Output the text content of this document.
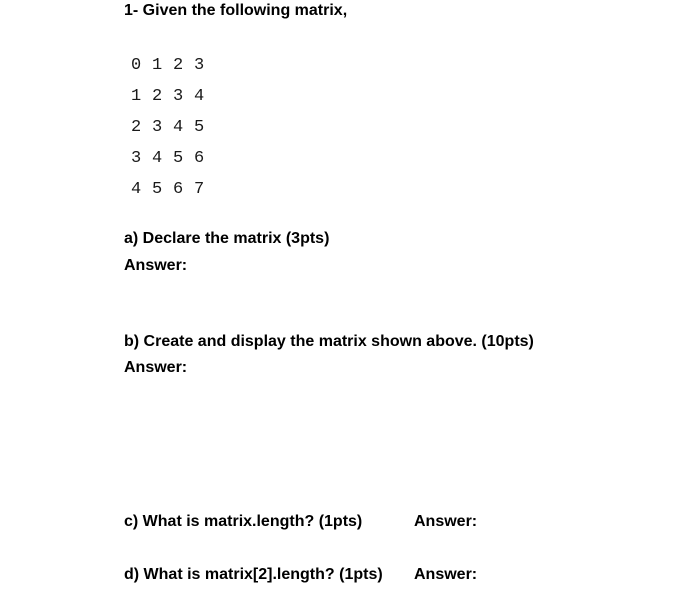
1- Given the following matrix,
0 1 2 3
1 2 3 4
2 3 4 5
3 4 5 6
4 5 6 7
a) Declare the matrix (3pts)
Answer:
b) Create and display the matrix shown above. (10pts)
Answer:
c) What is matrix.length? (1pts)	Answer:
d) What is matrix[2].length? (1pts) Answer:
